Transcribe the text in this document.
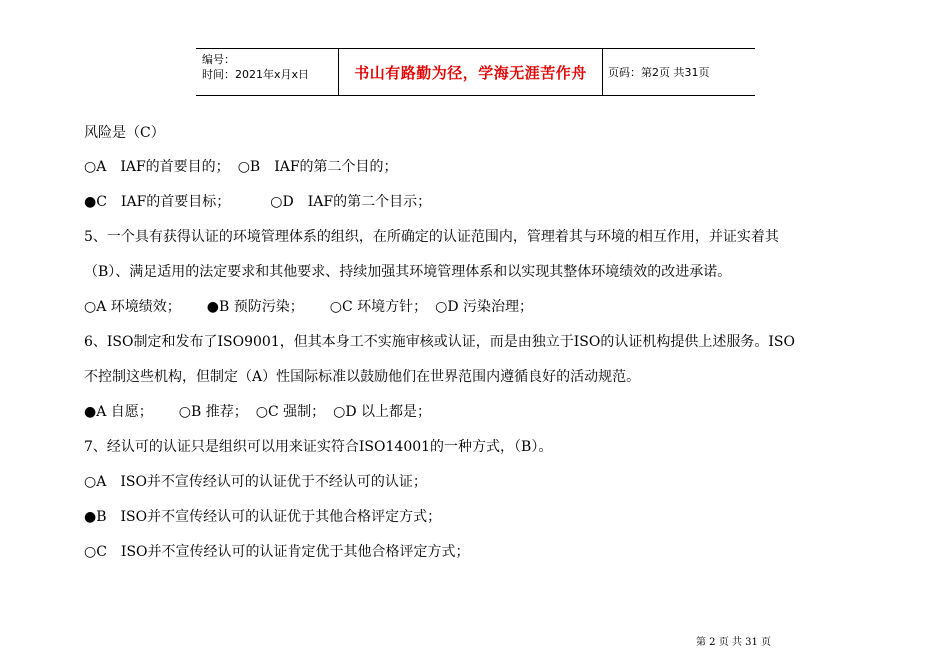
编号：
时间：2021年x月x日	书山有路勤为径，学海无涯苦作舟	页码：第2页 共31页
风险是（C）
○A　IAF的首要目的； ○B　IAF的第二个目的；
●C　IAF的首要目标；	○D　IAF的第二个目示；
5、一个具有获得认证的环境管理体系的组织，在所确定的认证范围内，管理着其与环境的相互作用，并证实着其
（B）、满足适用的法定要求和其他要求、持续加强其环境管理体系和以实现其整体环境绩效的改进承诺。
○A 环境绩效； ●B 预防污染； ○C 环境方针； ○D 污染治理；
6、ISO制定和发布了ISO9001，但其本身工不实施审核或认证，而是由独立于ISO的认证机构提供上述服务。ISO
不控制这些机构，但制定（A）性国际标准以鼓励他们在世界范围内遵循良好的活动规范。
●A 自愿； ○B 推荐； ○C 强制； ○D 以上都是；
7、经认可的认证只是组织可以用来证实符合ISO14001的一种方式，（B）。
○A　ISO并不宣传经认可的认证优于不经认可的认证；
●B　ISO并不宣传经认可的认证优于其他合格评定方式；
○C　ISO并不宣传经认可的认证肯定优于其他合格评定方式；
第 2 页 共 31 页
